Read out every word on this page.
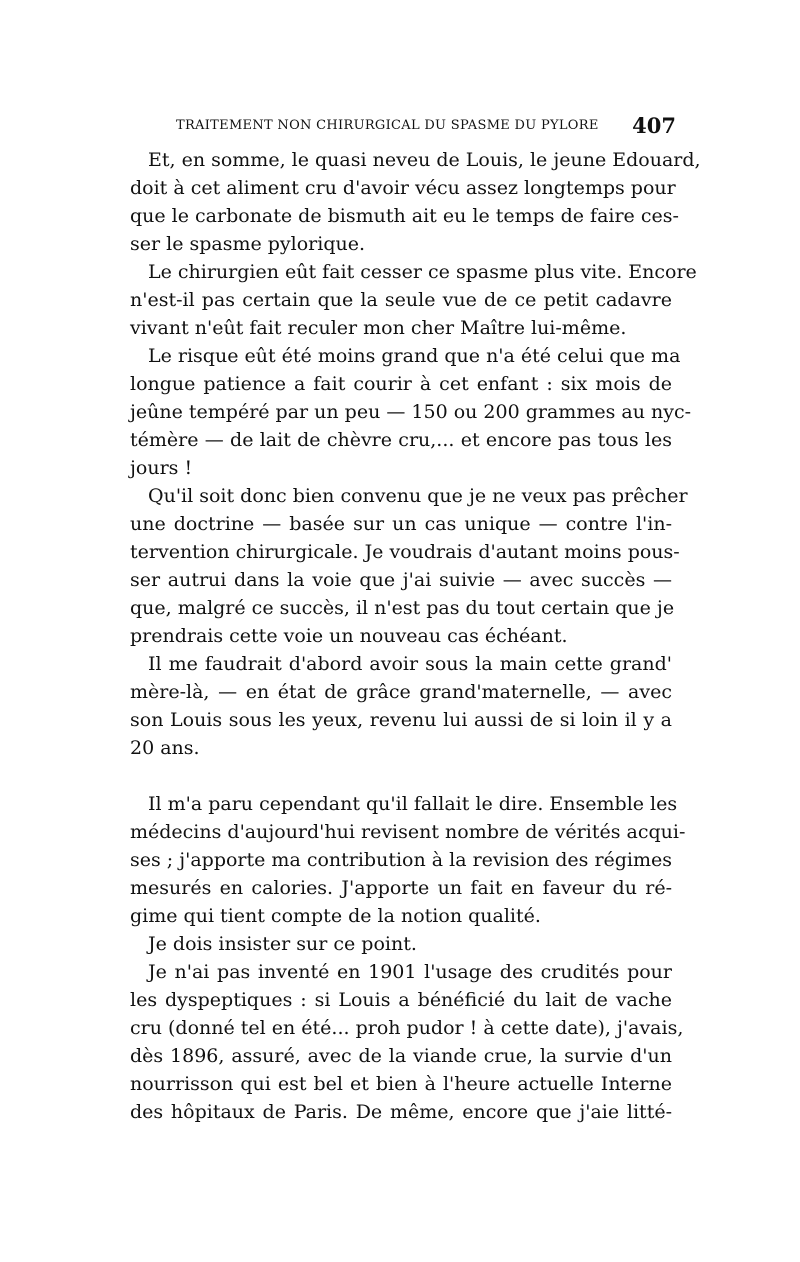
TRAITEMENT NON CHIRURGICAL DU SPASME DU PYLORE 407
Et, en somme, le quasi neveu de Louis, le jeune Edouard,
doit à cet aliment cru d'avoir vécu assez longtemps pour
que le carbonate de bismuth ait eu le temps de faire ces-
ser le spasme pylorique.
Le chirurgien eût fait cesser ce spasme plus vite. Encore
n'est-il pas certain que la seule vue de ce petit cadavre
vivant n'eût fait reculer mon cher Maître lui-même.
Le risque eût été moins grand que n'a été celui que ma
longue patience a fait courir à cet enfant : six mois de
jeûne tempéré par un peu — 150 ou 200 grammes au nyc-
témère — de lait de chèvre cru,... et encore pas tous les
jours !
Qu'il soit donc bien convenu que je ne veux pas prêcher
une doctrine — basée sur un cas unique — contre l'in-
tervention chirurgicale. Je voudrais d'autant moins pous-
ser autrui dans la voie que j'ai suivie — avec succès —
que, malgré ce succès, il n'est pas du tout certain que je
prendrais cette voie un nouveau cas échéant.
Il me faudrait d'abord avoir sous la main cette grand'
mère-là, — en état de grâce grand'maternelle, — avec
son Louis sous les yeux, revenu lui aussi de si loin il y a
20 ans.
Il m'a paru cependant qu'il fallait le dire. Ensemble les
médecins d'aujourd'hui revisent nombre de vérités acqui-
ses ; j'apporte ma contribution à la revision des régimes
mesurés en calories. J'apporte un fait en faveur du ré-
gime qui tient compte de la notion qualité.
Je dois insister sur ce point.
Je n'ai pas inventé en 1901 l'usage des crudités pour
les dyspeptiques : si Louis a bénéficié du lait de vache
cru (donné tel en été... proh pudor ! à cette date), j'avais,
dès 1896, assuré, avec de la viande crue, la survie d'un
nourrisson qui est bel et bien à l'heure actuelle Interne
des hôpitaux de Paris. De même, encore que j'aie litté-
